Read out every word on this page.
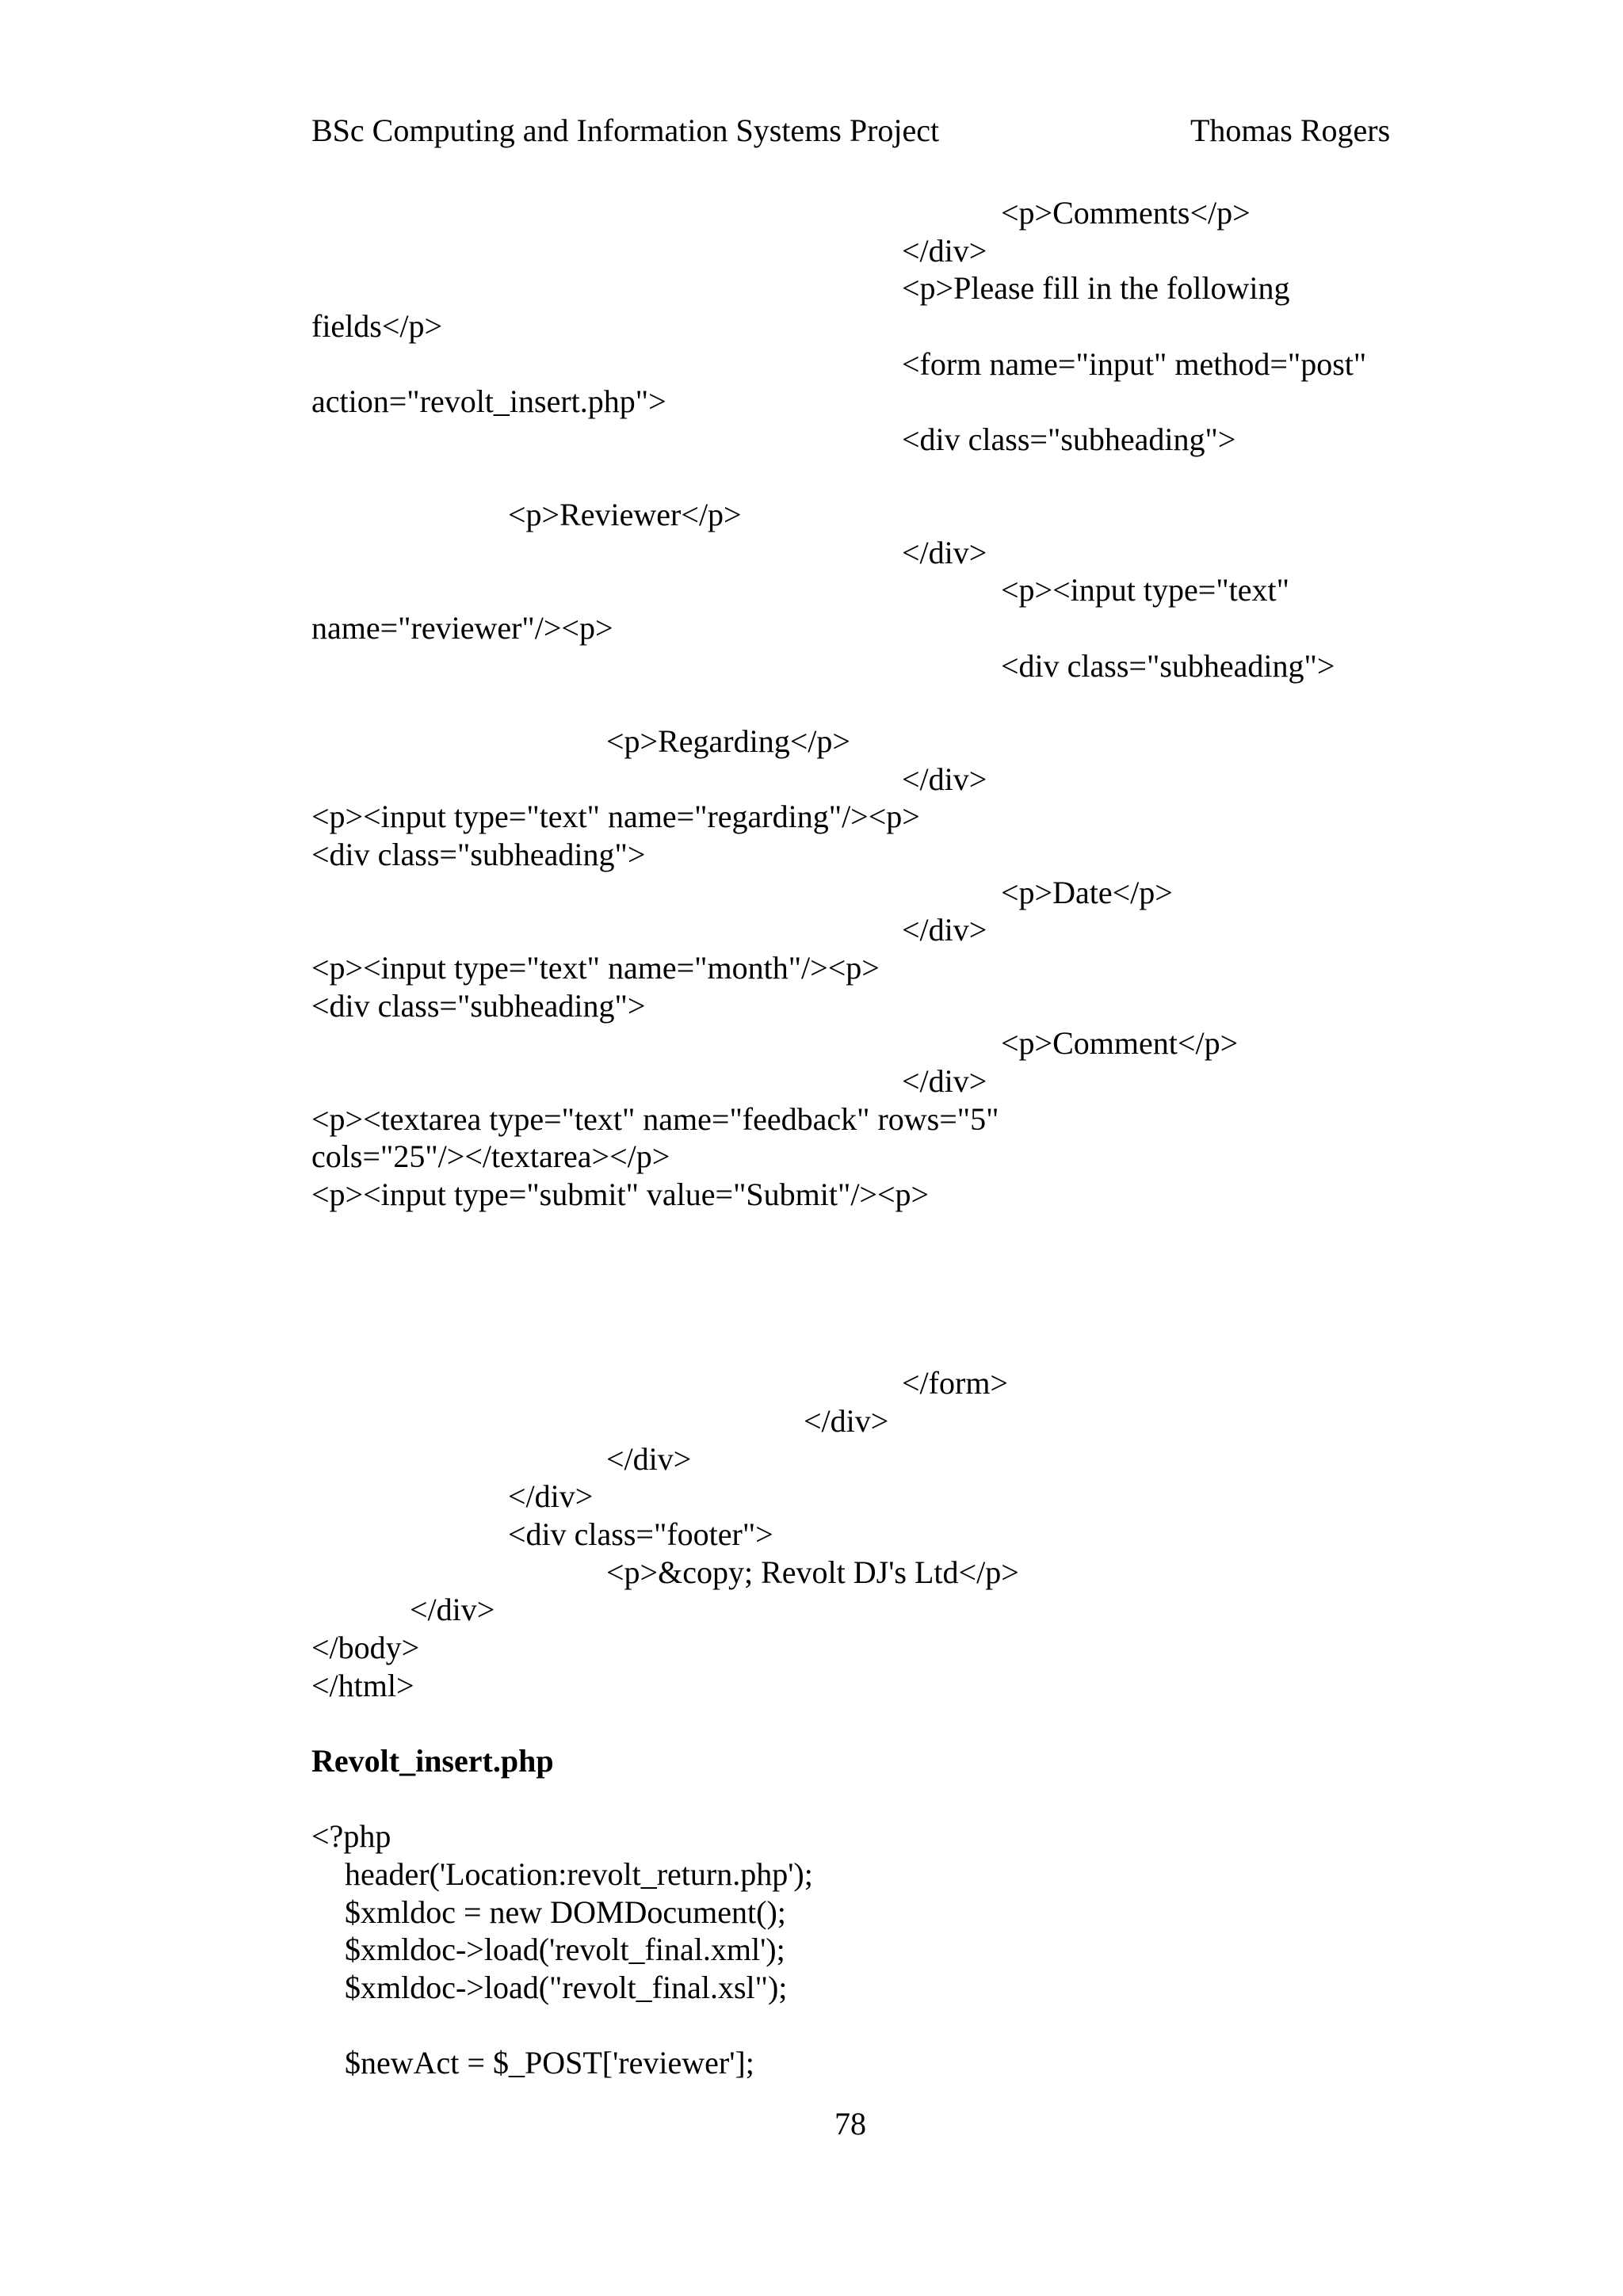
BSc Computing and Information Systems Project	Thomas Rogers
<p>Comments</p>
</div>
<p>Please fill in the following
fields</p>
<form name="input" method="post"
action="revolt_insert.php">
<div class="subheading">
<p>Reviewer</p>
</div>
<p><input type="text"
name="reviewer"/><p>
<div class="subheading">
<p>Regarding</p>
</div>
<p><input type="text" name="regarding"/><p>
<div class="subheading">
<p>Date</p>
</div>
<p><input type="text" name="month"/><p>
<div class="subheading">
<p>Comment</p>
</div>
<p><textarea type="text" name="feedback" rows="5"
cols="25"/></textarea></p>
<p><input type="submit" value="Submit"/><p>
</form>
</div>
</div>
</div>
<div class="footer">
<p>&copy; Revolt DJ's Ltd</p>
</div>
</body>
</html>
Revolt_insert.php
<?php
header('Location:revolt_return.php');
$xmldoc = new DOMDocument();
$xmldoc->load('revolt_final.xml');
$xmldoc->load("revolt_final.xsl");
$newAct = $_POST['reviewer'];
78
